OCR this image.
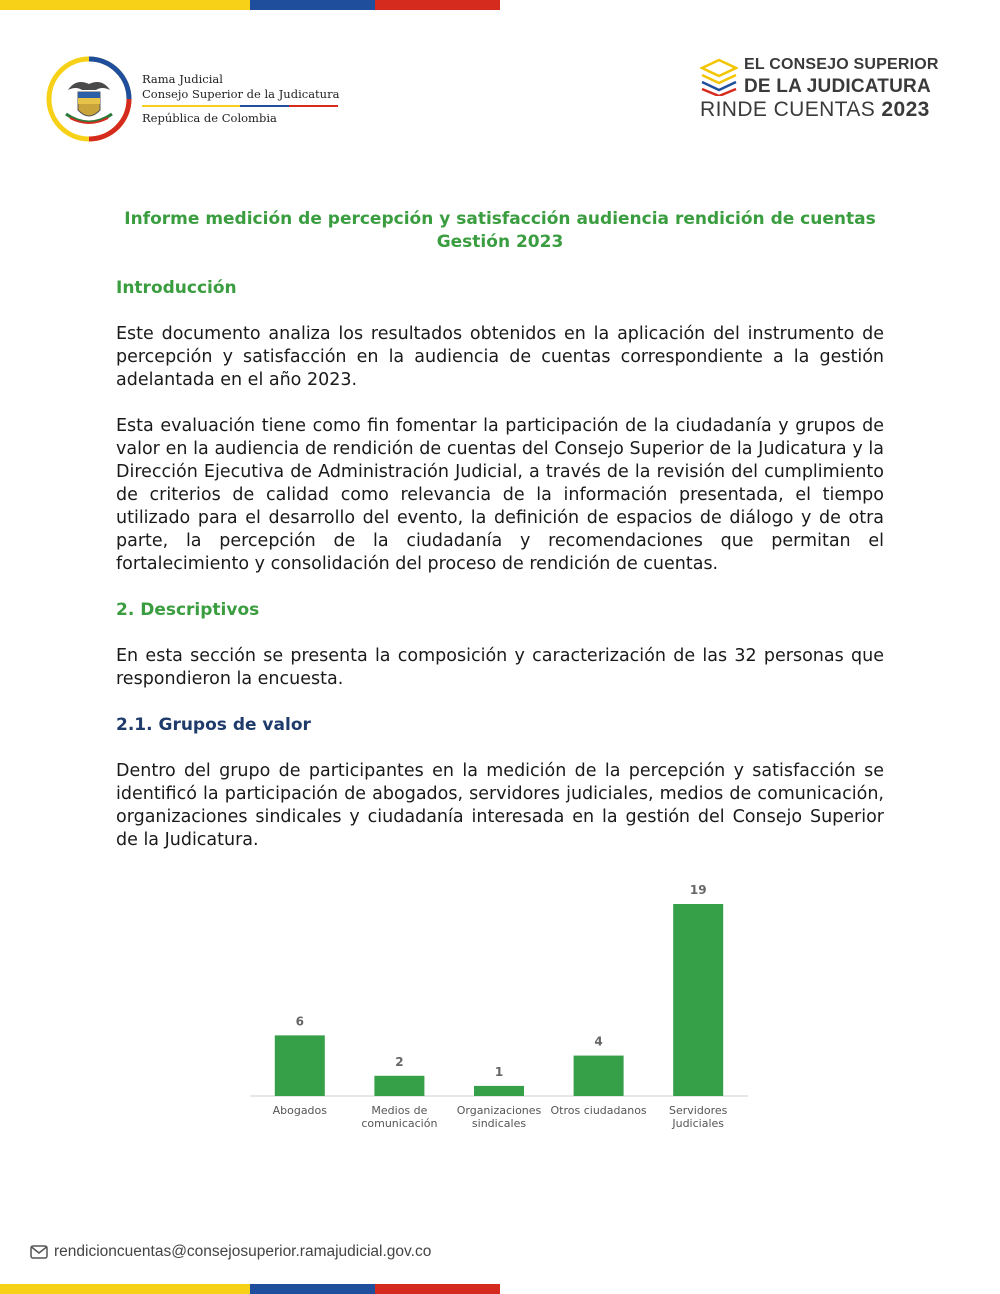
Rama Judicial
Consejo Superior de la Judicatura
República de Colombia
EL CONSEJO SUPERIOR
DE LA JUDICATURA
RINDE CUENTAS 2023

Informe medición de percepción y satisfacción audiencia rendición de cuentas
Gestión 2023

Introducción

Este documento analiza los resultados obtenidos en la aplicación del instrumento de percepción y satisfacción en la audiencia de cuentas correspondiente a la gestión adelantada en el año 2023.

Esta evaluación tiene como fin fomentar la participación de la ciudadanía y grupos de valor en la audiencia de rendición de cuentas del Consejo Superior de la Judicatura y la Dirección Ejecutiva de Administración Judicial, a través de la revisión del cumplimiento de criterios de calidad como relevancia de la información presentada, el tiempo utilizado para el desarrollo del evento, la definición de espacios de diálogo y de otra parte, la percepción de la ciudadanía y recomendaciones que permitan el fortalecimiento y consolidación del proceso de rendición de cuentas.

2. Descriptivos

En esta sección se presenta la composición y caracterización de las 32 personas que respondieron la encuesta.

2.1. Grupos de valor

Dentro del grupo de participantes en la medición de la percepción y satisfacción se identificó la participación de abogados, servidores judiciales, medios de comunicación, organizaciones sindicales y ciudadanía interesada en la gestión del Consejo Superior de la Judicatura.

6
Abogados
2
Medios de comunicación
1
Organizaciones sindicales
4
Otros ciudadanos
19
Servidores Judiciales
rendicioncuentas@consejosuperior.ramajudicial.gov.co
